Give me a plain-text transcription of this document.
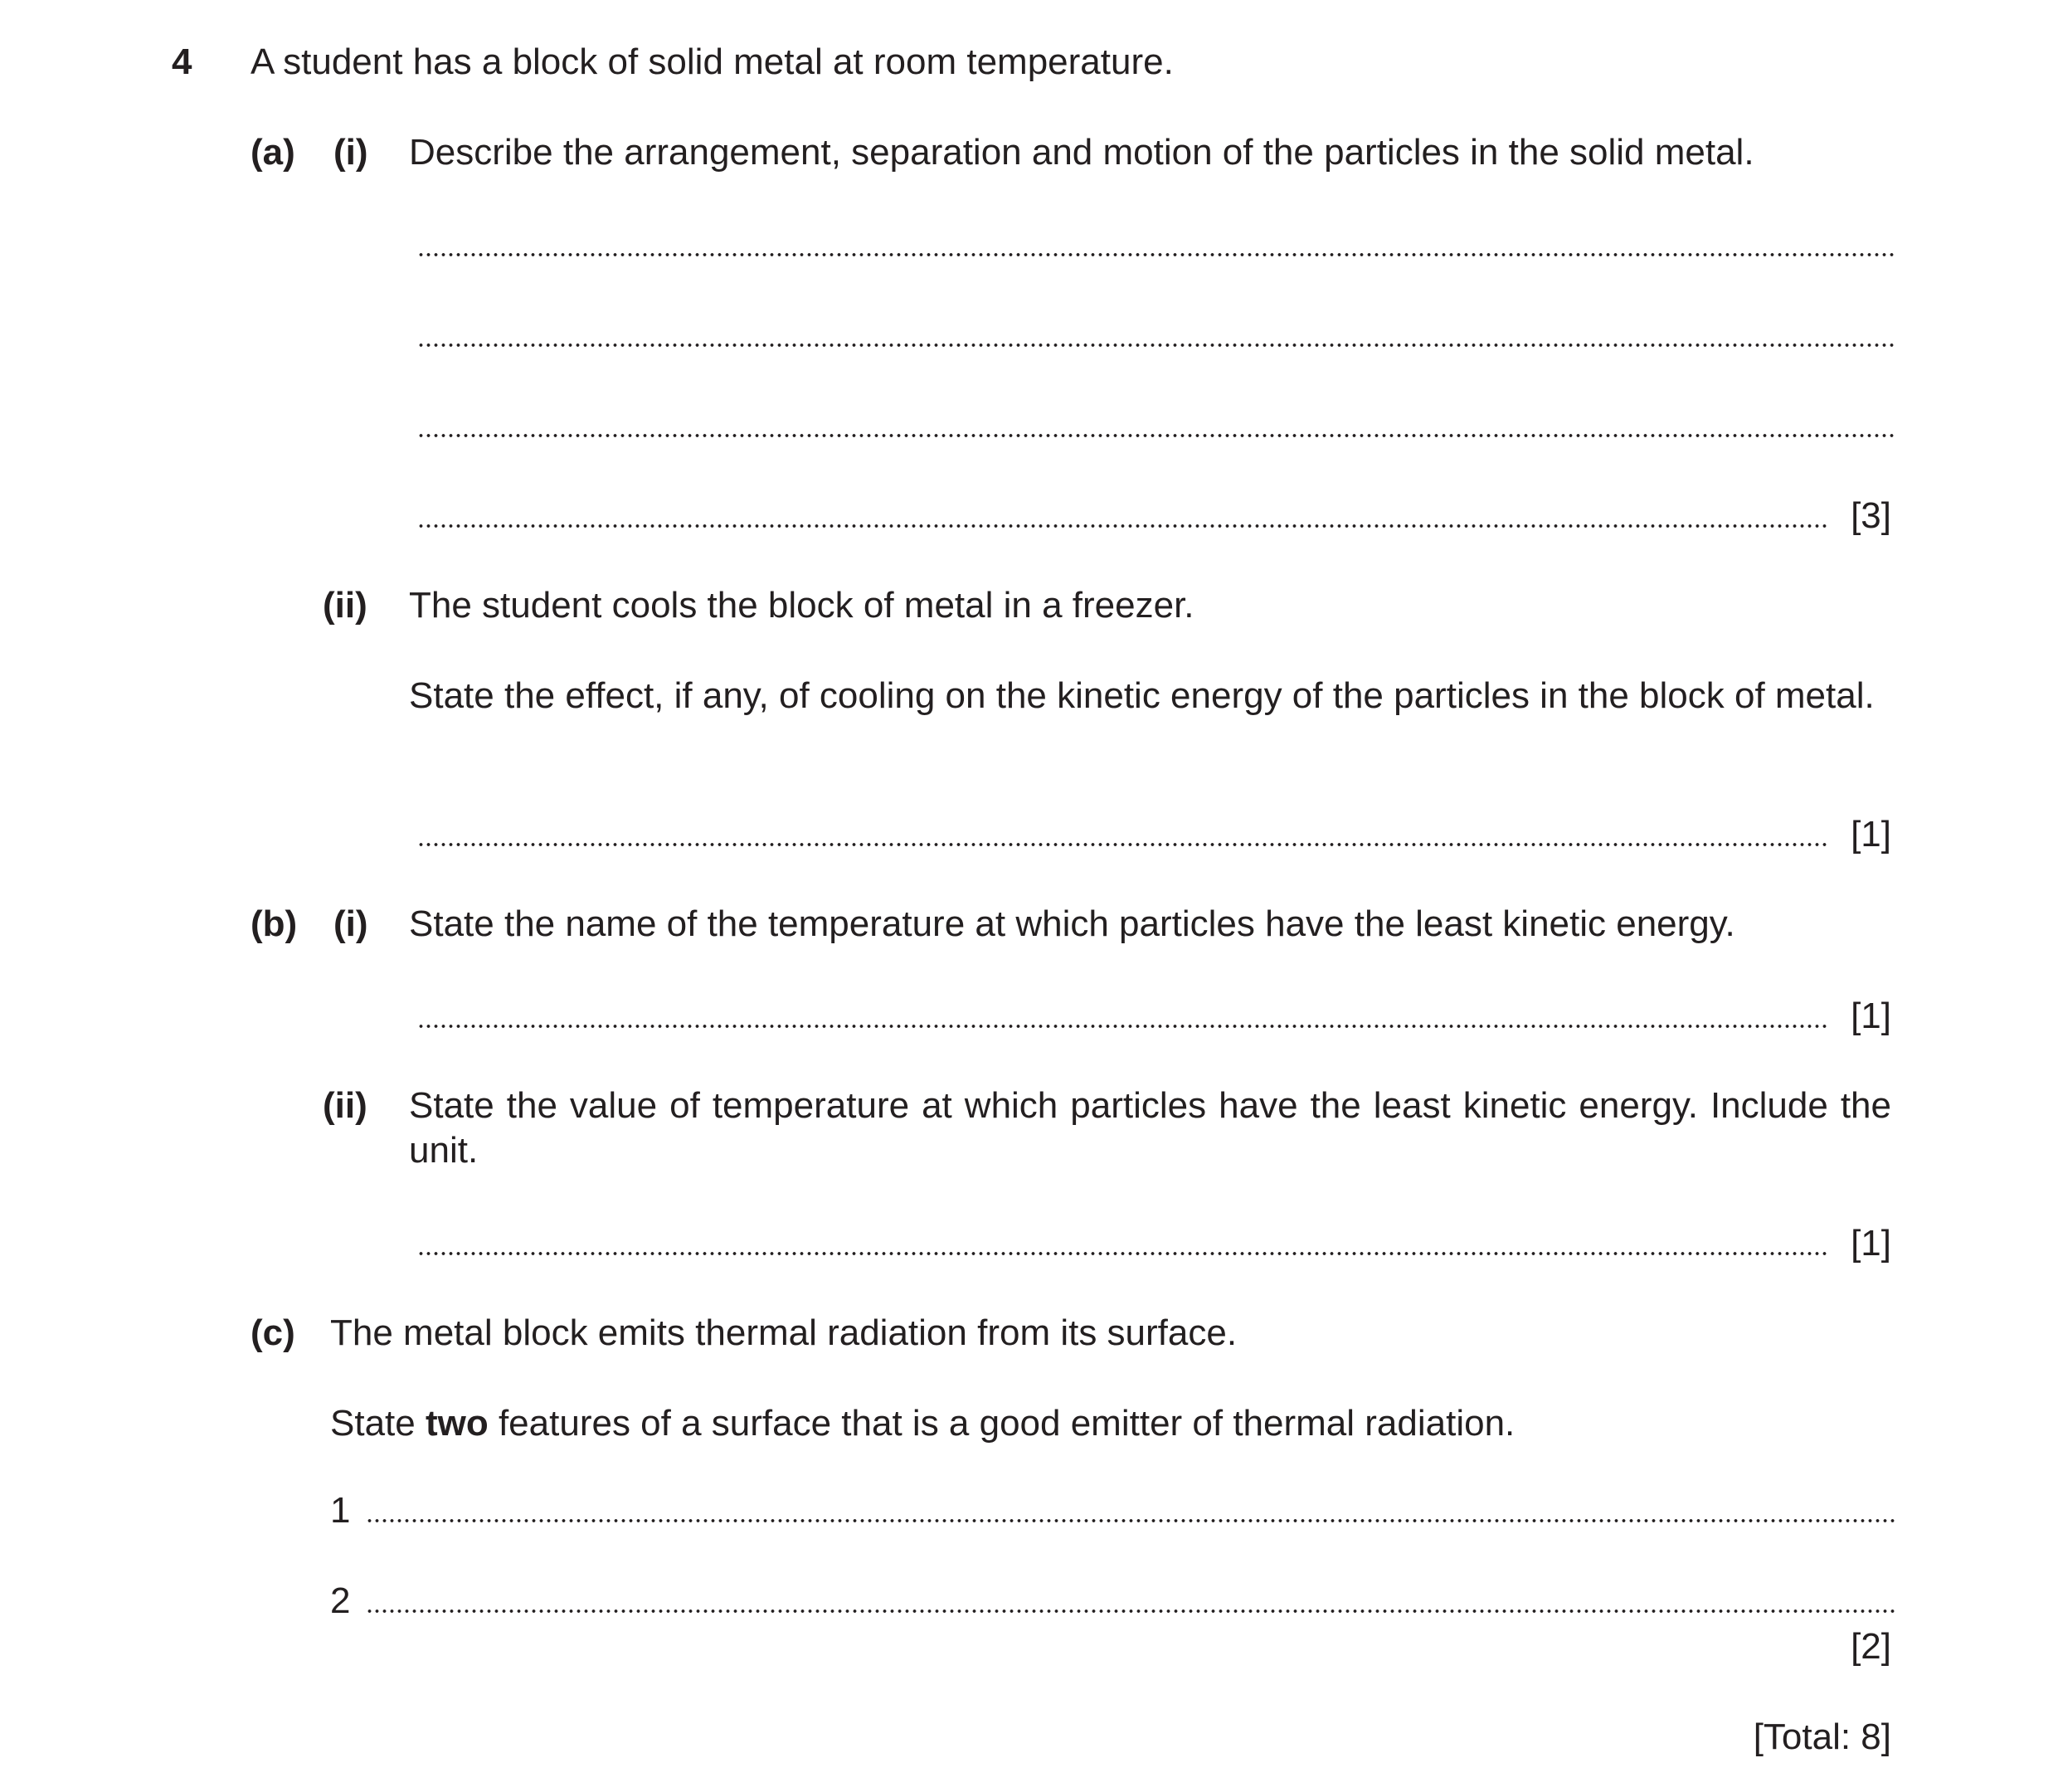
4 A student has a block of solid metal at room temperature.
(a) (i) Describe the arrangement, separation and motion of the particles in the solid metal.
[3]
(ii) The student cools the block of metal in a freezer.
State the effect, if any, of cooling on the kinetic energy of the particles in the block of metal.
[1]
(b) (i) State the name of the temperature at which particles have the least kinetic energy.
[1]
(ii) State the value of temperature at which particles have the least kinetic energy. Include the unit.
[1]
(c) The metal block emits thermal radiation from its surface.
State two features of a surface that is a good emitter of thermal radiation.
1
2
[2]
[Total: 8]
